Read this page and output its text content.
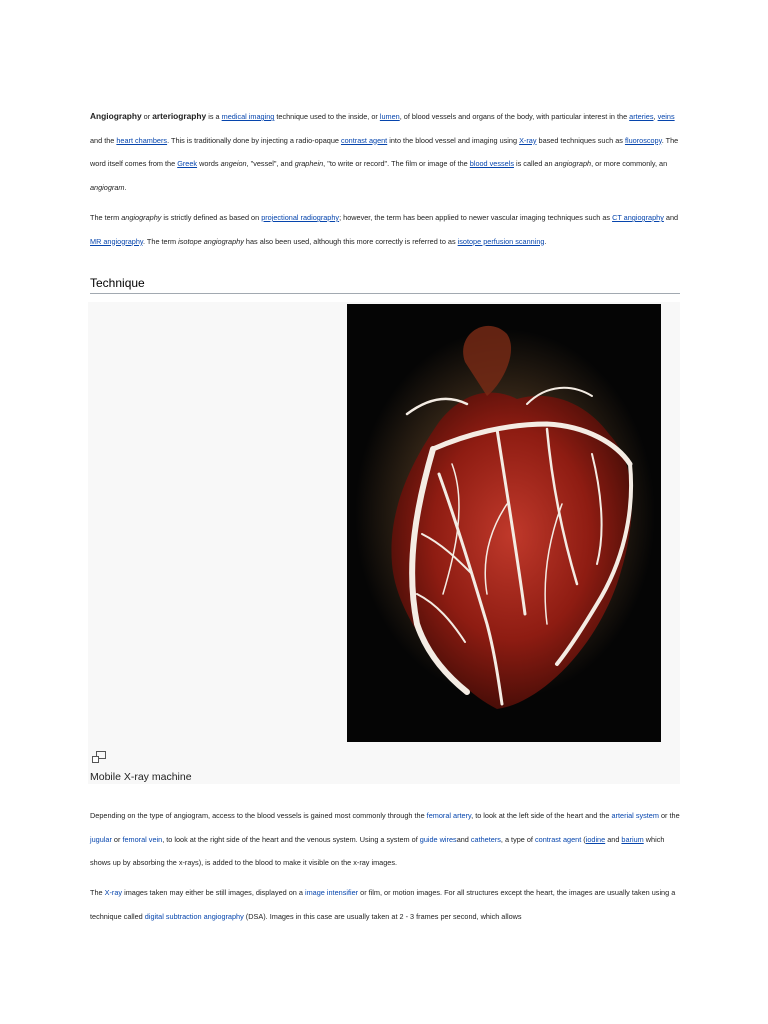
Angiography or arteriography is a medical imaging technique used to the inside, or lumen, of blood vessels and organs of the body, with particular interest in the arteries, veins and the heart chambers. This is traditionally done by injecting a radio-opaque contrast agent into the blood vessel and imaging using X-ray based techniques such as fluoroscopy. The word itself comes from the Greek words angeion, "vessel", and graphein, "to write or record". The film or image of the blood vessels is called an angiograph, or more commonly, an angiogram.

The term angiography is strictly defined as based on projectional radiography; however, the term has been applied to newer vascular imaging techniques such as CT angiography and MR angiography. The term isotope angiography has also been used, although this more correctly is referred to as isotope perfusion scanning.

Technique

Depending on the type of angiogram, access to the blood vessels is gained most commonly through the femoral artery, to look at the left side of the heart and the arterial system or the jugular or femoral vein, to look at the right side of the heart and the venous system. Using a system of guide wiresand catheters, a type of contrast agent (iodine and barium which shows up by absorbing the x-rays), is added to the blood to make it visible on the x-ray images.

The X-ray images taken may either be still images, displayed on a image intensifier or film, or motion images. For all structures except the heart, the images are usually taken using a technique called digital subtraction angiography (DSA). Images in this case are usually taken at 2 - 3 frames per second, which allows

Mobile X-ray machine
